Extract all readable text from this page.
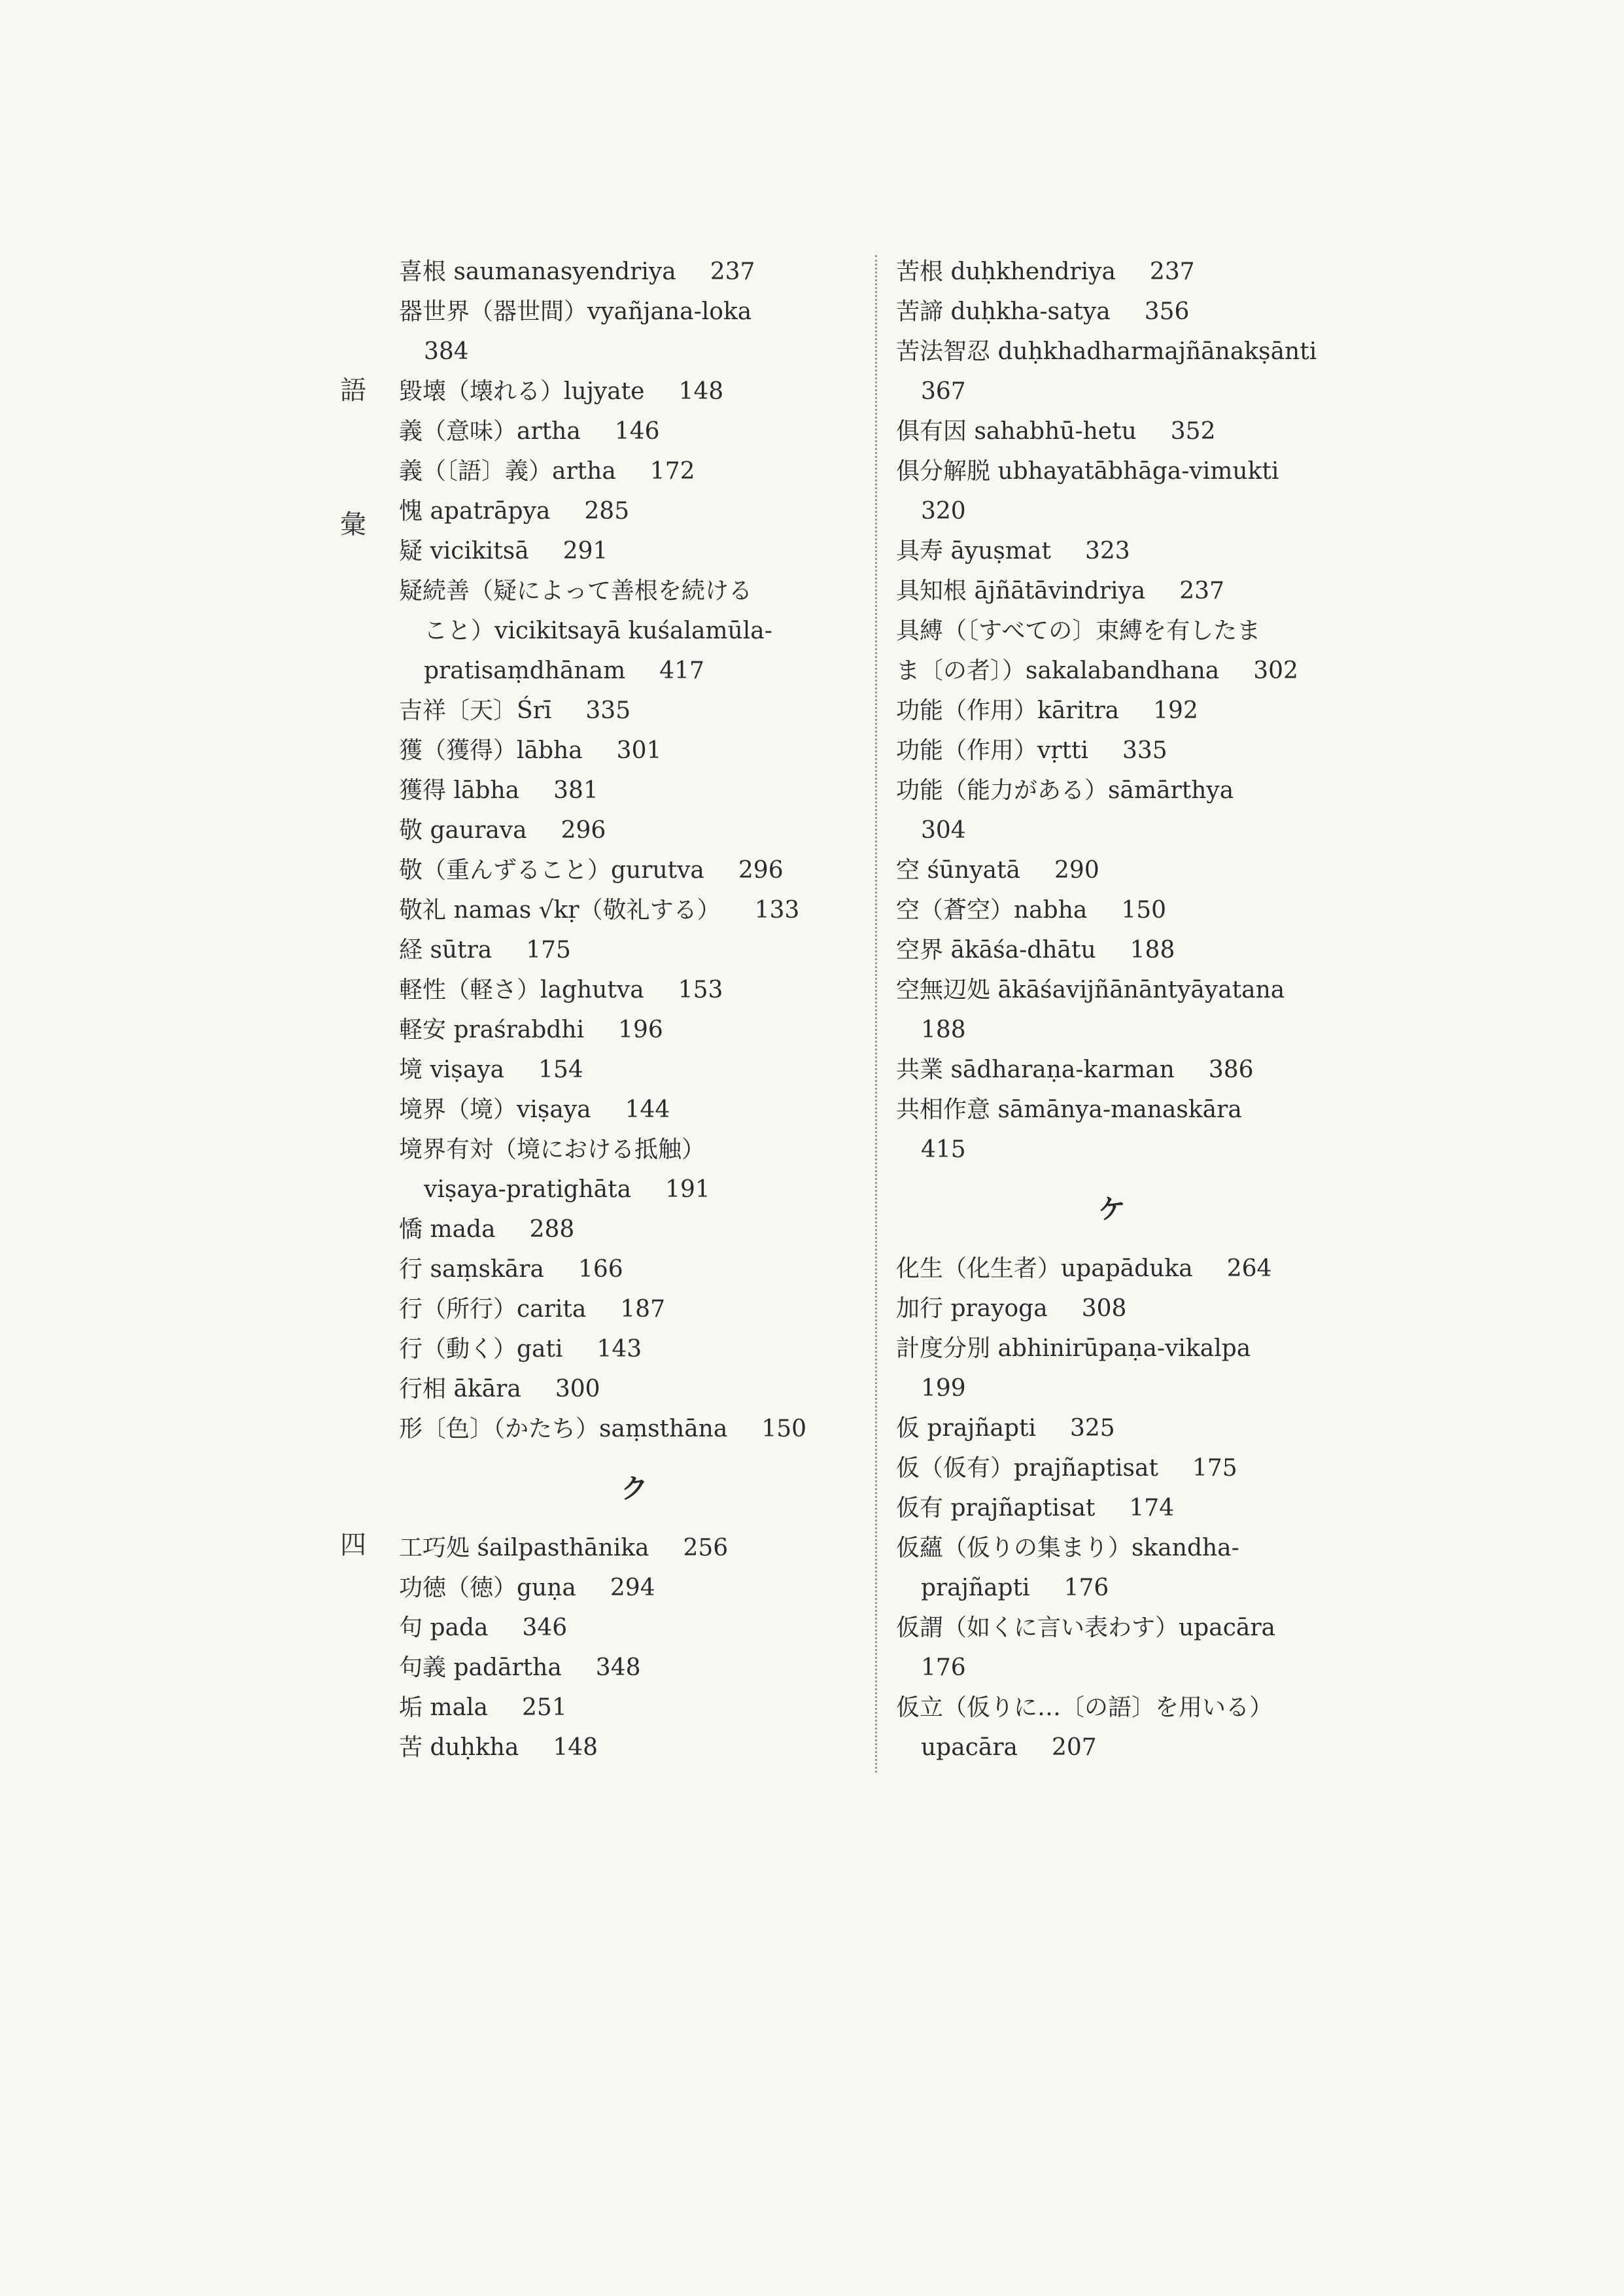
語
彙
四
喜根 saumanasyendriya 237
器世界（器世間）vyañjana-loka
384
毀壊（壊れる）lujyate 148
義（意味）artha 146
義（〔語〕義）artha 172
愧 apatrāpya 285
疑 vicikitsā 291
疑続善（疑によって善根を続ける
こと）vicikitsayā kuśalamūla-
pratisaṃdhānam 417
吉祥〔天〕Śrī 335
獲（獲得）lābha 301
獲得 lābha 381
敬 gaurava 296
敬（重んずること）gurutva 296
敬礼 namas √kṛ（敬礼する） 133
経 sūtra 175
軽性（軽さ）laghutva 153
軽安 praśrabdhi 196
境 viṣaya 154
境界（境）viṣaya 144
境界有対（境における抵触）
viṣaya-pratighāta 191
憍 mada 288
行 saṃskāra 166
行（所行）carita 187
行（動く）gati 143
行相 ākāra 300
形〔色〕（かたち）saṃsthāna 150
ク
工巧処 śailpasthānika 256
功徳（徳）guṇa 294
句 pada 346
句義 padārtha 348
垢 mala 251
苦 duḥkha 148
苦根 duḥkhendriya 237
苦諦 duḥkha-satya 356
苦法智忍 duḥkhadharmajñānakṣānti
367
俱有因 sahabhū-hetu 352
俱分解脱 ubhayatābhāga-vimukti
320
具寿 āyuṣmat 323
具知根 ājñātāvindriya 237
具縛（〔すべての〕束縛を有したま
ま〔の者〕）sakalabandhana 302
功能（作用）kāritra 192
功能（作用）vṛtti 335
功能（能力がある）sāmārthya
304
空 śūnyatā 290
空（蒼空）nabha 150
空界 ākāśa-dhātu 188
空無辺処 ākāśavijñānāntyāyatana
188
共業 sādharaṇa-karman 386
共相作意 sāmānya-manaskāra
415
ケ
化生（化生者）upapāduka 264
加行 prayoga 308
計度分別 abhinirūpaṇa-vikalpa
199
仮 prajñapti 325
仮（仮有）prajñaptisat 175
仮有 prajñaptisat 174
仮蘊（仮りの集まり）skandha-
prajñapti 176
仮謂（如くに言い表わす）upacāra
176
仮立（仮りに…〔の語〕を用いる）
upacāra 207
